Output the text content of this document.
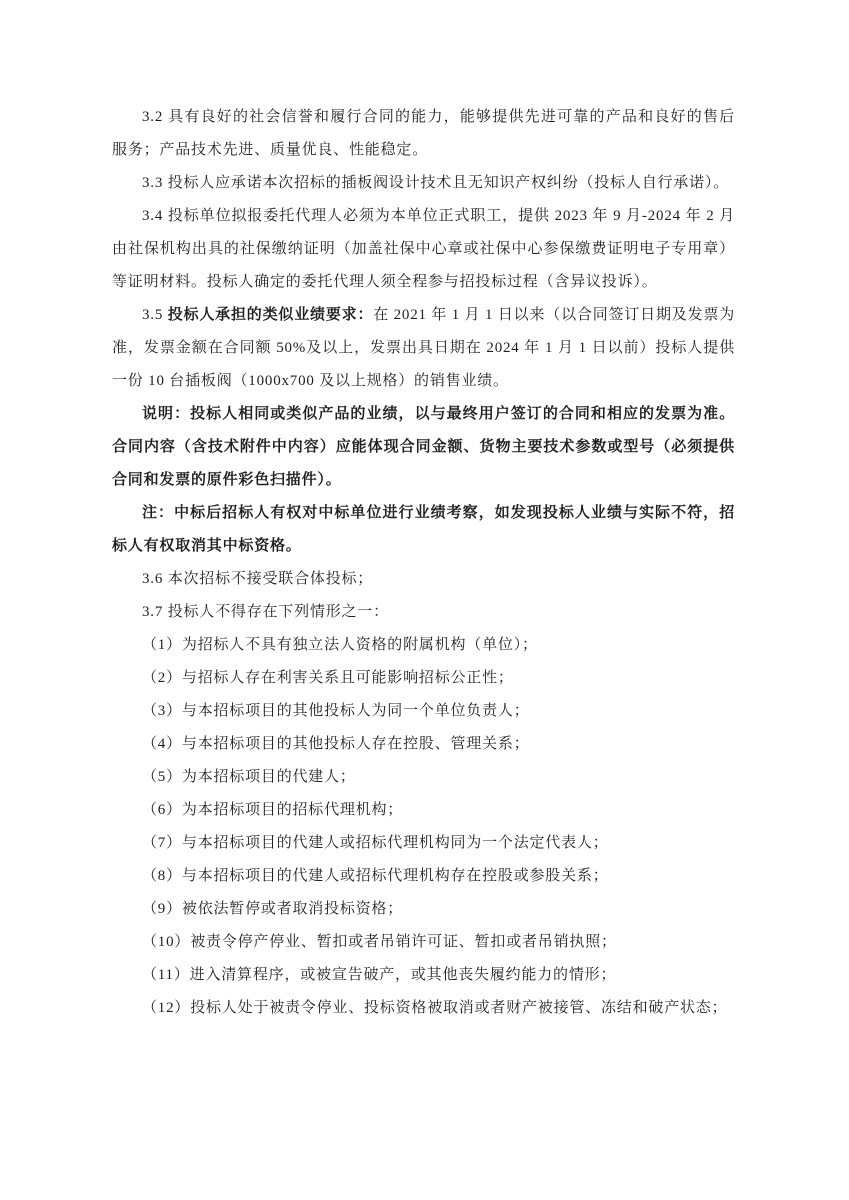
3.2 具有良好的社会信誉和履行合同的能力，能够提供先进可靠的产品和良好的售后服务；产品技术先进、质量优良、性能稳定。

3.3 投标人应承诺本次招标的插板阀设计技术且无知识产权纠纷（投标人自行承诺）。

3.4 投标单位拟报委托代理人必须为本单位正式职工，提供 2023 年 9 月-2024 年 2 月由社保机构出具的社保缴纳证明（加盖社保中心章或社保中心参保缴费证明电子专用章）等证明材料。投标人确定的委托代理人须全程参与招投标过程（含异议投诉）。

3.5 投标人承担的类似业绩要求：在 2021 年 1 月 1 日以来（以合同签订日期及发票为准，发票金额在合同额 50%及以上，发票出具日期在 2024 年 1 月 1 日以前）投标人提供一份 10 台插板阀（1000x700 及以上规格）的销售业绩。

说明：投标人相同或类似产品的业绩，以与最终用户签订的合同和相应的发票为准。合同内容（含技术附件中内容）应能体现合同金额、货物主要技术参数或型号（必须提供合同和发票的原件彩色扫描件）。

注：中标后招标人有权对中标单位进行业绩考察，如发现投标人业绩与实际不符，招标人有权取消其中标资格。

3.6 本次招标不接受联合体投标；

3.7 投标人不得存在下列情形之一：

（1）为招标人不具有独立法人资格的附属机构（单位）；

（2）与招标人存在利害关系且可能影响招标公正性；

（3）与本招标项目的其他投标人为同一个单位负责人；

（4）与本招标项目的其他投标人存在控股、管理关系；

（5）为本招标项目的代建人；

（6）为本招标项目的招标代理机构；

（7）与本招标项目的代建人或招标代理机构同为一个法定代表人；

（8）与本招标项目的代建人或招标代理机构存在控股或参股关系；

（9）被依法暂停或者取消投标资格；

（10）被责令停产停业、暂扣或者吊销许可证、暂扣或者吊销执照；

（11）进入清算程序，或被宣告破产，或其他丧失履约能力的情形；

（12）投标人处于被责令停业、投标资格被取消或者财产被接管、冻结和破产状态；
